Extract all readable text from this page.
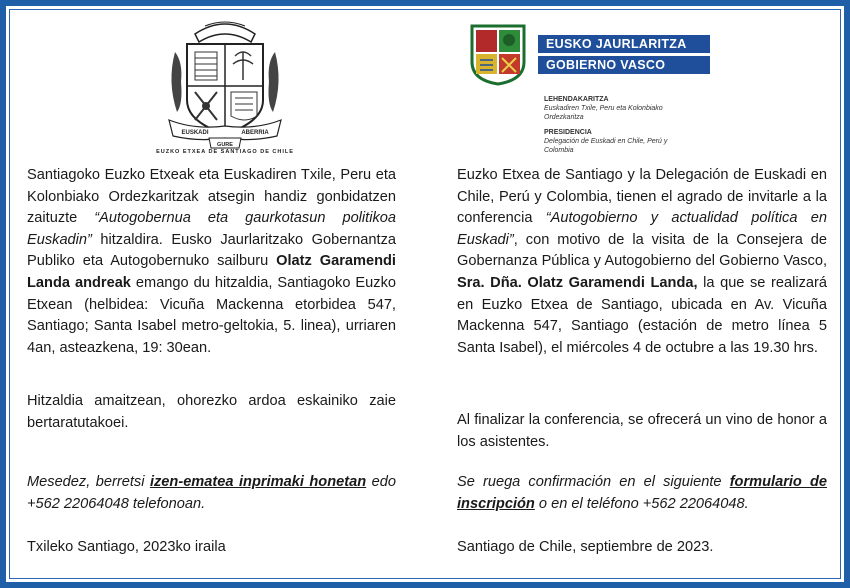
EUSKADI	ABERRIA
GURE
EUZKO ETXEA DE SANTIAGO DE CHILE
EUSKO JAURLARITZA
GOBIERNO VASCO
LEHENDAKARITZA
Euskadiren Txile, Peru eta Kolonbiako
Ordezkaritza
PRESIDENCIA
Delegación de Euskadi en Chile, Perú y
Colombia

Santiagoko Euzko Etxeak eta Euskadiren Txile, Peru eta Kolonbiako Ordezkaritzak atsegin handiz gonbidatzen zaituzte “Autogobernua eta gaurkotasun politikoa Euskadin” hitzaldira. Eusko Jaurlaritzako Gobernantza Publiko eta Autogobernuko sailburu Olatz Garamendi Landa andreak emango du hitzaldia, Santiagoko Euzko Etxean (helbidea: Vicuña Mackenna etorbidea 547, Santiago; Santa Isabel metro-geltokia, 5. linea), urriaren 4an, asteazkena, 19: 30ean.

Hitzaldia amaitzean, ohorezko ardoa eskainiko zaie bertaratutakoei.

Mesedez, berretsi izen-ematea inprimaki honetan edo +562 22064048 telefonoan.

Txileko Santiago, 2023ko iraila

Euzko Etxea de Santiago y la Delegación de Euskadi en Chile, Perú y Colombia, tienen el agrado de invitarle a la conferencia “Autogobierno y actualidad política en Euskadi”, con motivo de la visita de la Consejera de Gobernanza Pública y Autogobierno del Gobierno Vasco, Sra. Dña. Olatz Garamendi Landa, la que se realizará en Euzko Etxea de Santiago, ubicada en Av. Vicuña Mackenna 547, Santiago (estación de metro línea 5 Santa Isabel), el miércoles 4 de octubre a las 19.30 hrs.

Al finalizar la conferencia, se ofrecerá un vino de honor a los asistentes.

Se ruega confirmación en el siguiente formulario de inscripción o en el teléfono +562 22064048.

Santiago de Chile, septiembre de 2023.
